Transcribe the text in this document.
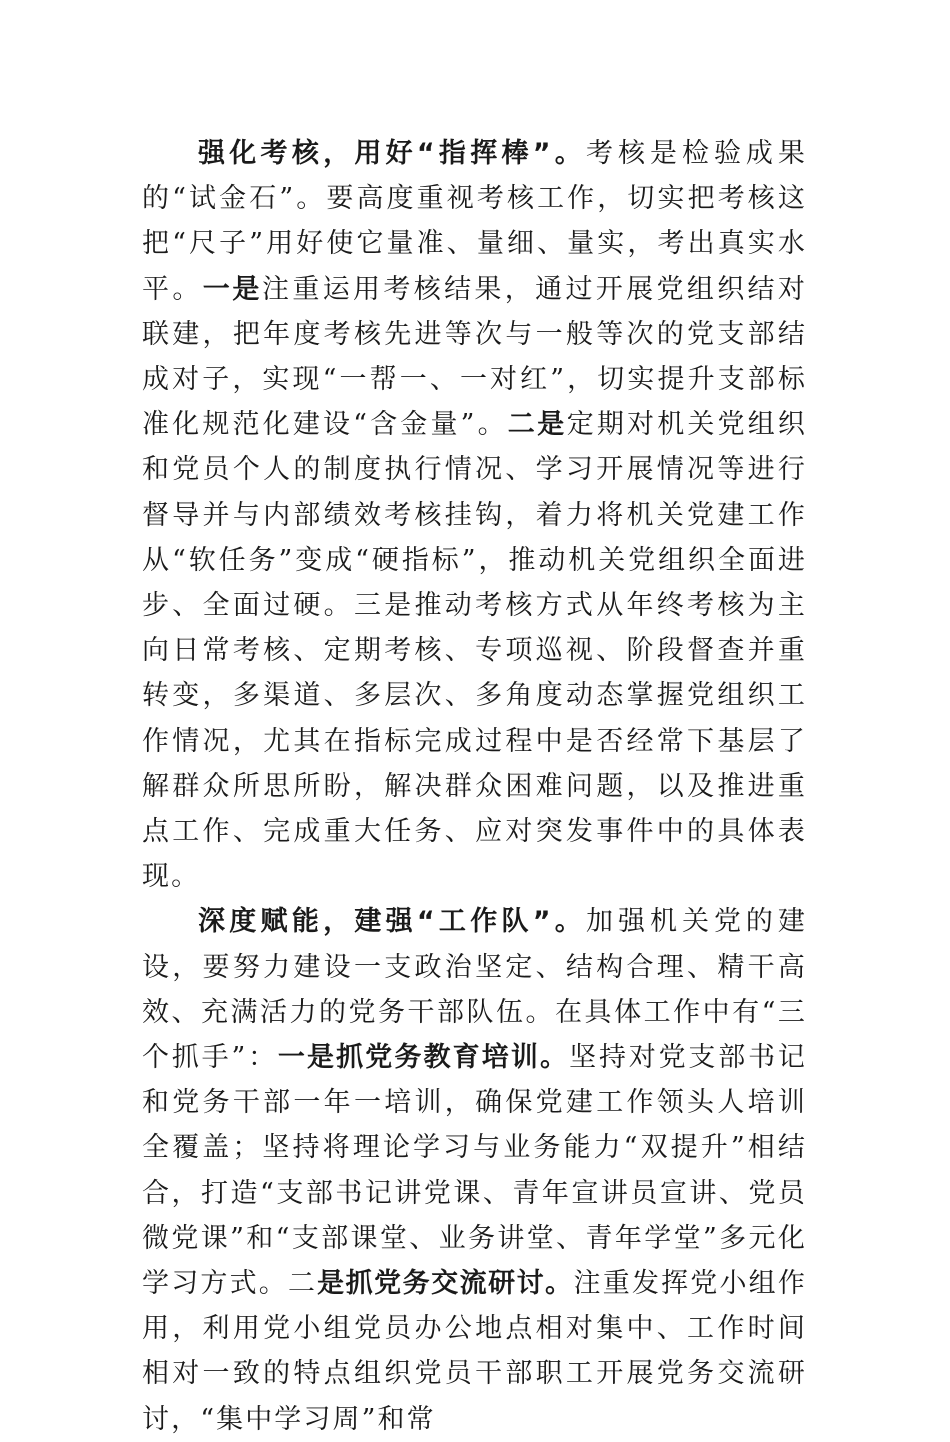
强化考核，用好“指挥棒”。考核是检验成果的“试金石”。要高度重视考核工作，切实把考核这把“尺子”用好使它量准、量细、量实，考出真实水平。一是注重运用考核结果，通过开展党组织结对联建，把年度考核先进等次与一般等次的党支部结成对子，实现“一帮一、一对红”，切实提升支部标准化规范化建设“含金量”。二是定期对机关党组织和党员个人的制度执行情况、学习开展情况等进行督导并与内部绩效考核挂钩，着力将机关党建工作从“软任务”变成“硬指标”，推动机关党组织全面进步、全面过硬。三是推动考核方式从年终考核为主向日常考核、定期考核、专项巡视、阶段督查并重转变，多渠道、多层次、多角度动态掌握党组织工作情况，尤其在指标完成过程中是否经常下基层了解群众所思所盼，解决群众困难问题，以及推进重点工作、完成重大任务、应对突发事件中的具体表现。

深度赋能，建强“工作队”。加强机关党的建设，要努力建设一支政治坚定、结构合理、精干高效、充满活力的党务干部队伍。在具体工作中有“三个抓手”：一是抓党务教育培训。坚持对党支部书记和党务干部一年一培训，确保党建工作领头人培训全覆盖；坚持将理论学习与业务能力“双提升”相结合，打造“支部书记讲党课、青年宣讲员宣讲、党员微党课”和“支部课堂、业务讲堂、青年学堂”多元化学习方式。二是抓党务交流研讨。注重发挥党小组作用，利用党小组党员办公地点相对集中、工作时间相对一致的特点组织党员干部职工开展党务交流研讨，“集中学习周”和常
